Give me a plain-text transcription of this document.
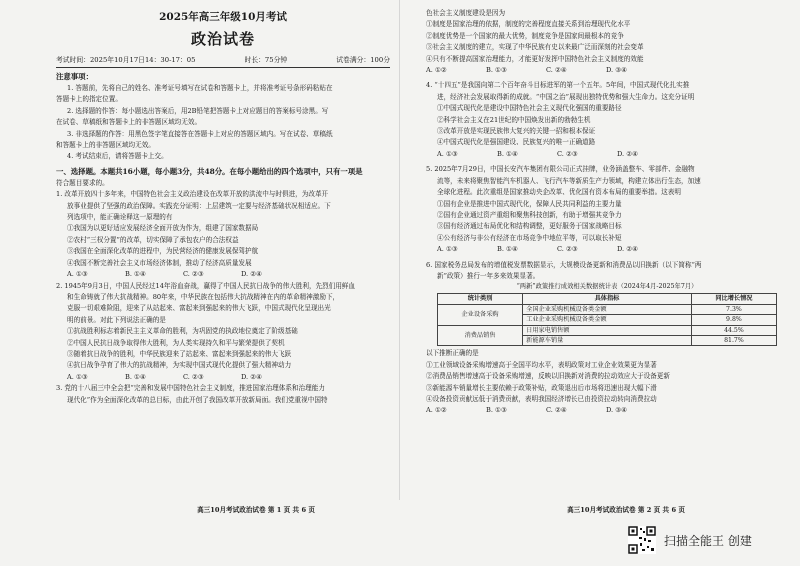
2025年高三年级10月考试
政治试卷
考试时间：2025年10月17日14：30-17：05	时长：75分钟	试卷满分：100分
注意事项：

1. 答题前，先将自己的姓名、准考证号填写在试卷和答题卡上，并将准考证号条形码粘贴在

答题卡上的指定位置。

2. 选择题的作答：每小题选出答案后，用2B铅笔把答题卡上对应题目的答案标号涂黑。写

在试卷、草稿纸和答题卡上的非答题区域均无效。

3. 非选择题的作答：用黑色签字笔直接答在答题卡上对应的答题区域内。写在试卷、草稿纸

和答题卡上的非答题区域均无效。

4. 考试结束后，请将答题卡上交。

一、选择题。本题共16小题，每小题3分，共48分。在每小题给出的四个选项中，只有一项是

符合题目要求的。

1. 改革开放四十多年来，中国特色社会主义政治建设在改革开放的洪流中与时俱进，为改革开

放事业提供了坚强的政治保障。实践充分证明：上层建筑一定要与经济基础状况相适应。下

列选项中，能正确诠释这一原理的有

①我国为以更好适应发展经济全面开放为作为，组建了国家数据局

②农村“三权分置”的改革，切实保障了承包农户的合法权益

③我国在全面深化改革的进程中，为民营经济的健康发展保驾护航

④我国不断完善社会主义市场经济体制，推动了经济高质量发展

A. ①③	B. ①④	C. ②③	D. ②④

2. 1945年9月3日，中国人民经过14年浴血奋战，赢得了中国人民抗日战争的伟大胜利，先烈们用鲜血

和生命铸就了伟大抗战精神。80年来，中华民族在包括伟大抗战精神在内的革命精神激励下，

克服一切艰难险阻，迎来了从站起来、富起来到强起来的伟大飞跃，中国式现代化呈现出光

明的前景。对此下列说法正确的是

①抗战胜利标志着新民主主义革命的胜利，为巩固党的执政地位奠定了阶级基础

②中国人民抗日战争取得伟大胜利，为人类实现持久和平与繁荣提供了契机

③随着抗日战争的胜利，中华民族迎来了站起来、富起来到强起来的伟大飞跃

④抗日战争孕育了伟大的抗战精神，为实现中国式现代化提供了强大精神动力

A. ①③	B. ①④	C. ②③	D. ②④

3. 党的十八届三中全会把“完善和发展中国特色社会主义制度，推进国家治理体系和治理能力

现代化”作为全面深化改革的总目标，由此开创了我国改革开放新局面。我们党重视中国特

高三10月考试政治试卷 第 1 页 共 6 页

色社会主义制度建设是因为

①制度是国家治理的依据，制度的完善程度直接关系到治理现代化水平

②制度优势是一个国家的最大优势，制度竞争是国家间最根本的竞争

③社会主义制度的建立，实现了中华民族有史以来最广泛而深刻的社会变革

④只有不断提高国家治理能力，才能更好发挥中国特色社会主义制度的效能

A. ①②	B. ①③	C. ②④	D. ③④

4. “十四五”是我国向第二个百年奋斗目标进军的第一个五年。5年间，中国式现代化扎实推

进，经济社会发展取得新的成就。“中国之治”展现出独特优势和强大生命力。这充分证明

①中国式现代化是建设中国特色社会主义现代化强国的重要路径

②科学社会主义在21世纪的中国焕发出新的勃勃生机

③改革开放是实现民族伟大复兴的关键一招和根本保证

④中国式现代化是强国建设、民族复兴的唯一正确道路

A. ①③	B. ①④	C. ②③	D. ②④

5. 2025年7月29日，中国长安汽车集团有限公司正式挂牌，业务涵盖整车、零部件、金融物

流等，未来将聚焦智能汽车机器人、飞行汽车等新质生产力领域，构建立体出行生态，加速

全球化进程。此次重组是国家推动央企改革、优化国有资本布局的重要举措。这表明

①国有企业是推进中国式现代化，保障人民共同利益的主要力量

②国有企业通过资产重组和聚焦科技创新，有助于增强其竞争力

③国有经济通过布局优化和结构调整，更好服务于国家战略目标

④公有经济与非公有经济在市场竞争中地位平等，可以取长补短

A. ①③	B. ①④	C. ②③	D. ②④

6. 国家税务总局发布的增值税发票数据显示，大规模设备更新和消费品以旧换新（以下简称“两

新”政策）推行一年多来效果显著。

“两新”政策推行成效相关数据统计表（2024年4月-2025年7月）
统计类别	具体指标	同比增长情况
企业设备采购	全国企业采购机械设备类金额	7.3%
	工业企业采购机械设备类金额	9.8%
消费品销售	日用家电销售额	44.5%
	新能源车销量	81.7%

以下推断正确的是

①工业领域设备采购增速高于全国平均水平，表明政策对工业企业效果更为显著

②消费品销售增速高于设备采购增速，反映以旧换新对消费的拉动效应大于设备更新

③新能源车销量增长主要依赖于政策补贴，政策退出后市场将迅速出现大幅下滑

④设备投资贡献远低于消费贡献，表明我国经济增长已由投资拉动转向消费拉动

A. ①②	B. ①③	C. ②④	D. ③④
高三10月考试政治试卷 第 2 页 共 6 页
扫描全能王 创建
